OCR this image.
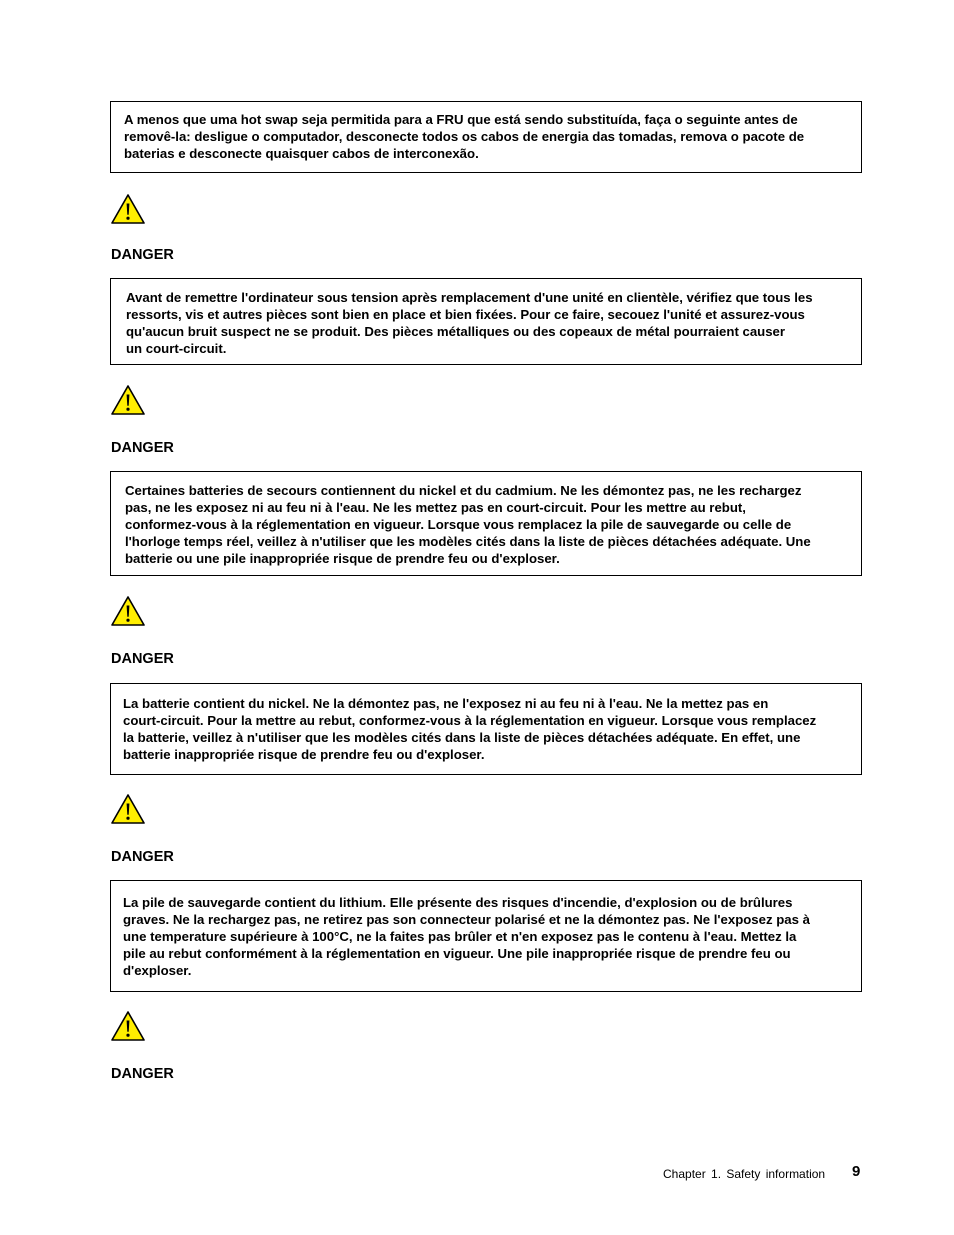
A menos que uma hot swap seja permitida para a FRU que está sendo substituída, faça o seguinte antes de
removê-la: desligue o computador, desconecte todos os cabos de energia das tomadas, remova o pacote de
baterias e desconecte quaisquer cabos de interconexão.
DANGER
Avant de remettre l'ordinateur sous tension après remplacement d'une unité en clientèle, vérifiez que tous les
ressorts, vis et autres pièces sont bien en place et bien fixées. Pour ce faire, secouez l'unité et assurez-vous
qu'aucun bruit suspect ne se produit. Des pièces métalliques ou des copeaux de métal pourraient causer
un court-circuit.
DANGER
Certaines batteries de secours contiennent du nickel et du cadmium. Ne les démontez pas, ne les rechargez
pas, ne les exposez ni au feu ni à l'eau. Ne les mettez pas en court-circuit. Pour les mettre au rebut,
conformez-vous à la réglementation en vigueur. Lorsque vous remplacez la pile de sauvegarde ou celle de
l'horloge temps réel, veillez à n'utiliser que les modèles cités dans la liste de pièces détachées adéquate. Une
batterie ou une pile inappropriée risque de prendre feu ou d'exploser.
DANGER
La batterie contient du nickel. Ne la démontez pas, ne l'exposez ni au feu ni à l'eau. Ne la mettez pas en
court-circuit. Pour la mettre au rebut, conformez-vous à la réglementation en vigueur. Lorsque vous remplacez
la batterie, veillez à n'utiliser que les modèles cités dans la liste de pièces détachées adéquate. En effet, une
batterie inappropriée risque de prendre feu ou d'exploser.
DANGER
La pile de sauvegarde contient du lithium. Elle présente des risques d'incendie, d'explosion ou de brûlures
graves. Ne la rechargez pas, ne retirez pas son connecteur polarisé et ne la démontez pas. Ne l'exposez pas à
une temperature supérieure à 100°C, ne la faites pas brûler et n'en exposez pas le contenu à l'eau. Mettez la
pile au rebut conformément à la réglementation en vigueur. Une pile inappropriée risque de prendre feu ou
d'exploser.
DANGER
Chapter 1. Safety information 9
